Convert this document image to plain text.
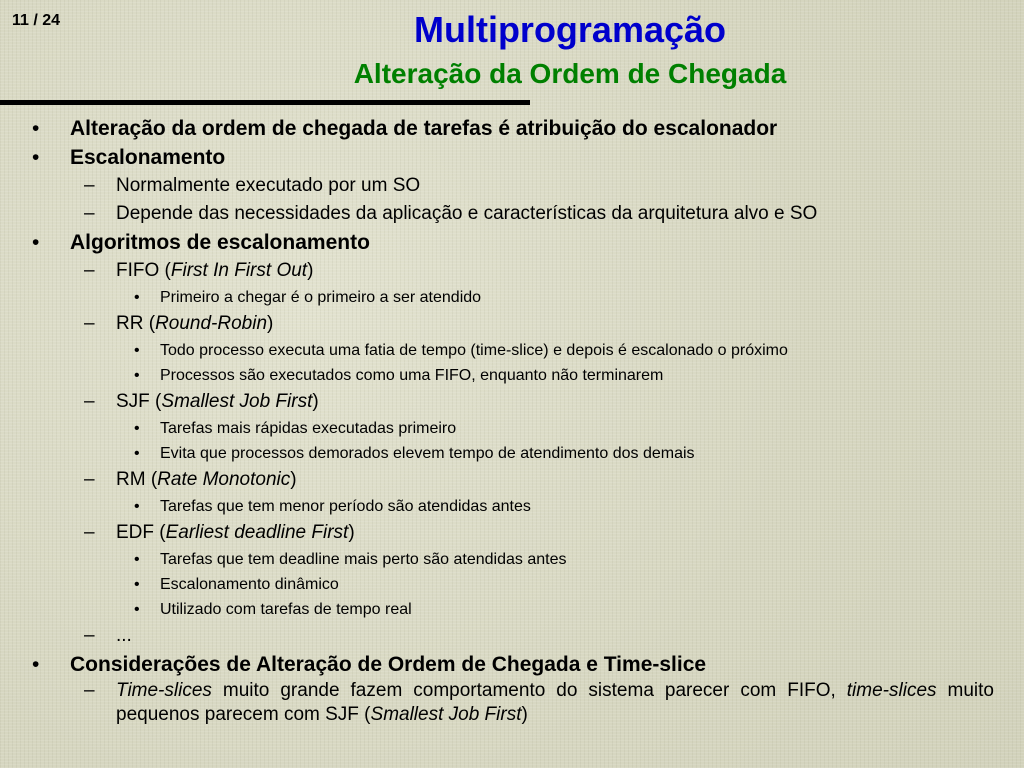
11 / 24	Multiprogramação
Alteração da Ordem de Chegada
• Alteração da ordem de chegada de tarefas é atribuição do escalonador
• Escalonamento
– Normalmente executado por um SO
– Depende das necessidades da aplicação e características da arquitetura alvo e SO
• Algoritmos de escalonamento
– FIFO (First In First Out)
• Primeiro a chegar é o primeiro a ser atendido
– RR (Round-Robin)
• Todo processo executa uma fatia de tempo (time-slice) e depois é escalonado o próximo
• Processos são executados como uma FIFO, enquanto não terminarem
– SJF (Smallest Job First)
• Tarefas mais rápidas executadas primeiro
• Evita que processos demorados elevem tempo de atendimento dos demais
– RM (Rate Monotonic)
• Tarefas que tem menor período são atendidas antes
– EDF (Earliest deadline First)
• Tarefas que tem deadline mais perto são atendidas antes
• Escalonamento dinâmico
• Utilizado com tarefas de tempo real
– ...
• Considerações de Alteração de Ordem de Chegada e Time-slice
– Time-slices muito grande fazem comportamento do sistema parecer com FIFO, time-slices muito pequenos parecem com SJF (Smallest Job First)
